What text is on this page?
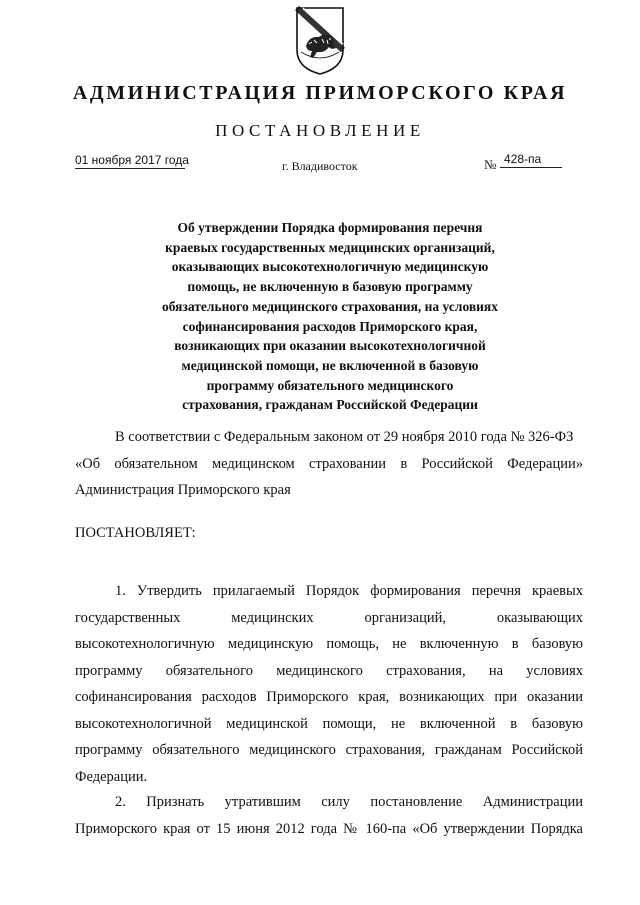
АДМИНИСТРАЦИЯ ПРИМОРСКОГО КРАЯ
ПОСТАНОВЛЕНИЕ
01 ноября 2017 года	г. Владивосток	№ 428-па
Об утверждении Порядка формирования перечня
краевых государственных медицинских организаций,
оказывающих высокотехнологичную медицинскую
помощь, не включенную в базовую программу
обязательного медицинского страхования, на условиях
софинансирования расходов Приморского края,
возникающих при оказании высокотехнологичной
медицинской помощи, не включенной в базовую
программу обязательного медицинского
страхования, гражданам Российской Федерации
В соответствии с Федеральным законом от 29 ноября 2010 года № 326-ФЗ
«Об обязательном медицинском страховании в Российской Федерации»
Администрация Приморского края
ПОСТАНОВЛЯЕТ:
1. Утвердить прилагаемый Порядок формирования перечня краевых
государственных медицинских организаций, оказывающих
высокотехнологичную медицинскую помощь, не включенную в базовую
программу обязательного медицинского страхования, на условиях
софинансирования расходов Приморского края, возникающих при оказании
высокотехнологичной медицинской помощи, не включенной в базовую
программу обязательного медицинского страхования, гражданам Российской
Федерации.
2. Признать утратившим силу постановление Администрации
Приморского края от 15 июня 2012 года № 160-па «Об утверждении Порядка
